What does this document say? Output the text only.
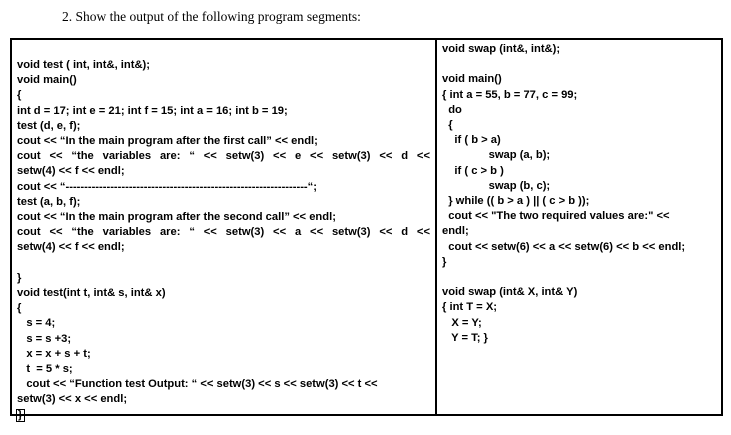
2. Show the output of the following program segments:
void test ( int, int&, int&);
void main()
{
int d = 17; int e = 21; int f = 15; int a = 16; int b = 19;
test (d, e, f);
cout << “In the main program after the first call” << endl;
cout << “the variables are: “ << setw(3) << e << setw(3) << d <<
setw(4) << f << endl;
cout << “-----------------------------------------------------------------“;
test (a, b, f);
cout << “In the main program after the second call” << endl;
cout << “the variables are: “ << setw(3) << a << setw(3) << d <<
setw(4) << f << endl;
}
void test(int t, int& s, int& x)
{
s = 4;
s = s +3;
x = x + s + t;
t  = 5 * s;
cout << “Function test Output: “ << setw(3) << s << setw(3) << t <<
setw(3) << x << endl;
}
void swap (int&, int&);
void main()
{ int a = 55, b = 77, c = 99;
do
{
if ( b > a)
swap (a, b);
if ( c > b )
swap (b, c);
} while (( b > a ) || ( c > b ));
cout << "The two required values are:" <<
endl;
cout << setw(6) << a << setw(6) << b << endl;
}
void swap (int& X, int& Y)
{ int T = X;
X = Y;
Y = T; }
